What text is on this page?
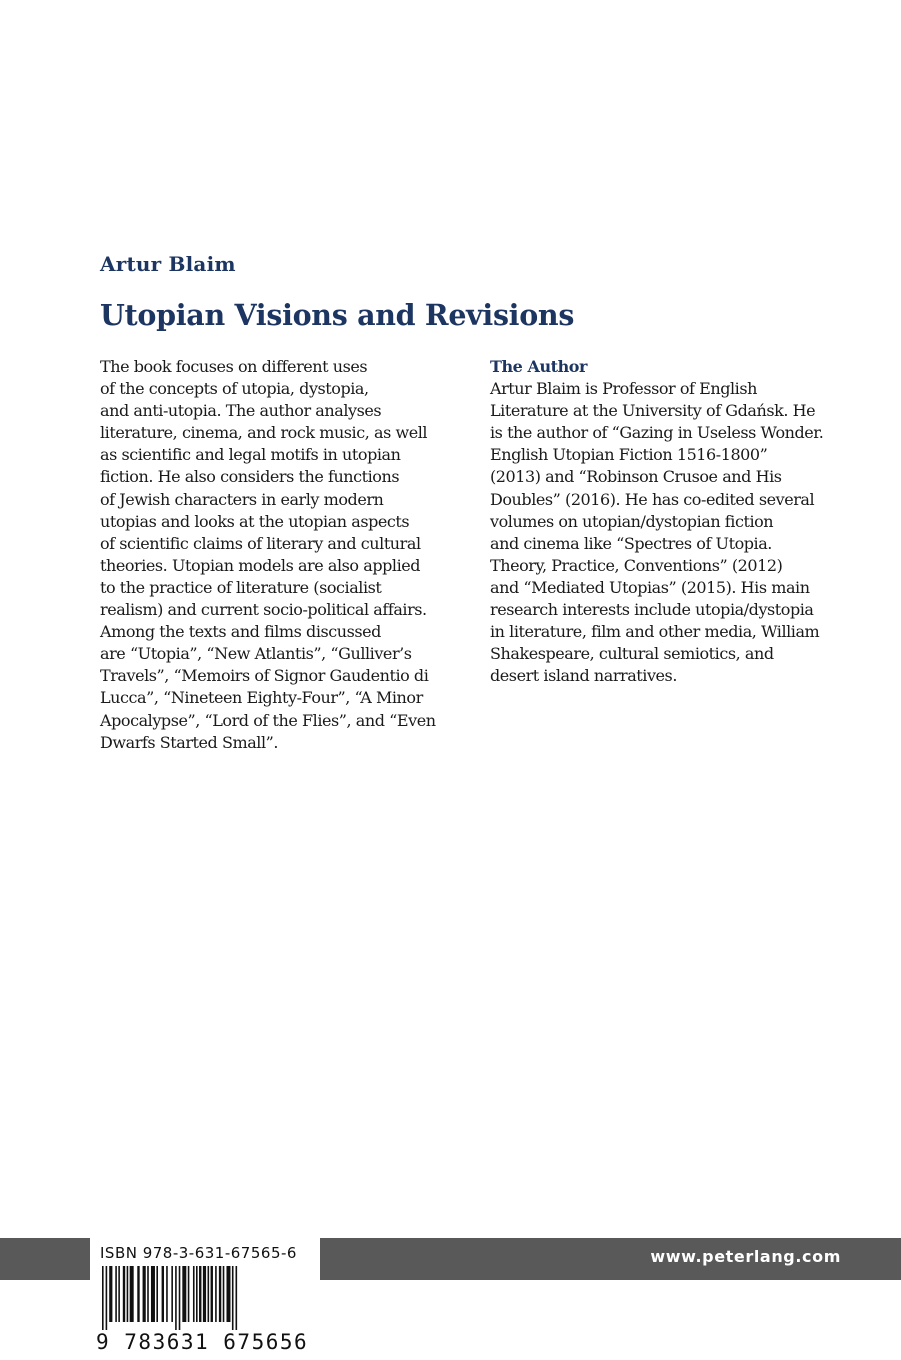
Artur Blaim
Utopian Visions and Revisions
The book focuses on different uses
of the concepts of utopia, dystopia,
and anti-utopia. The author analyses
literature, cinema, and rock music, as well
as scientific and legal motifs in utopian
fiction. He also considers the functions
of Jewish characters in early modern
utopias and looks at the utopian aspects
of scientific claims of literary and cultural
theories. Utopian models are also applied
to the practice of literature (socialist
realism) and current socio-political affairs.
Among the texts and films discussed
are “Utopia”, “New Atlantis”, “Gulliver’s
Travels”, “Memoirs of Signor Gaudentio di
Lucca”, “Nineteen Eighty-Four”, “A Minor
Apocalypse”, “Lord of the Flies”, and “Even
Dwarfs Started Small”.
The Author
Artur Blaim is Professor of English
Literature at the University of Gdańsk. He
is the author of “Gazing in Useless Wonder.
English Utopian Fiction 1516-1800”
(2013) and “Robinson Crusoe and His
Doubles” (2016). He has co-edited several
volumes on utopian/dystopian fiction
and cinema like “Spectres of Utopia.
Theory, Practice, Conventions” (2012)
and “Mediated Utopias” (2015). His main
research interests include utopia/dystopia
in literature, film and other media, William
Shakespeare, cultural semiotics, and
desert island narratives.
www.peterlang.com
ISBN 978-3-631-67565-6
9 783631 675656
